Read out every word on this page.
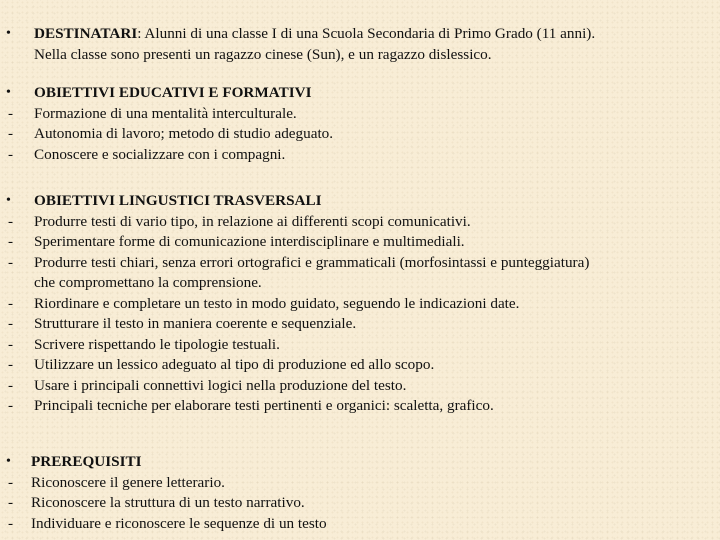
•	DESTINATARI: Alunni di una classe I di una Scuola Secondaria di Primo Grado (11 anni).
Nella classe sono presenti un ragazzo cinese (Sun), e un ragazzo dislessico.
•	OBIETTIVI EDUCATIVI E FORMATIVI
-	Formazione di una mentalità interculturale.
-	Autonomia di lavoro; metodo di studio adeguato.
-	Conoscere e socializzare con i compagni.
•	OBIETTIVI LINGUSTICI TRASVERSALI
-	Produrre testi di vario tipo, in relazione ai differenti scopi comunicativi.
-	Sperimentare forme di comunicazione interdisciplinare e multimediali.
-	Produrre testi chiari, senza errori ortografici e grammaticali (morfosintassi e punteggiatura)
che compromettano la comprensione.
-	Riordinare e completare un testo in modo guidato, seguendo le indicazioni date.
-	Strutturare il testo in maniera coerente e sequenziale.
-	Scrivere rispettando le tipologie testuali.
-	Utilizzare un lessico adeguato al tipo di produzione ed allo scopo.
-	Usare i principali connettivi logici nella produzione del testo.
-	Principali tecniche per elaborare testi pertinenti e organici: scaletta, grafico.
•	PREREQUISITI
-	Riconoscere il genere letterario.
-	Riconoscere la struttura di un testo narrativo.
-	Individuare e riconoscere le sequenze di un testo
